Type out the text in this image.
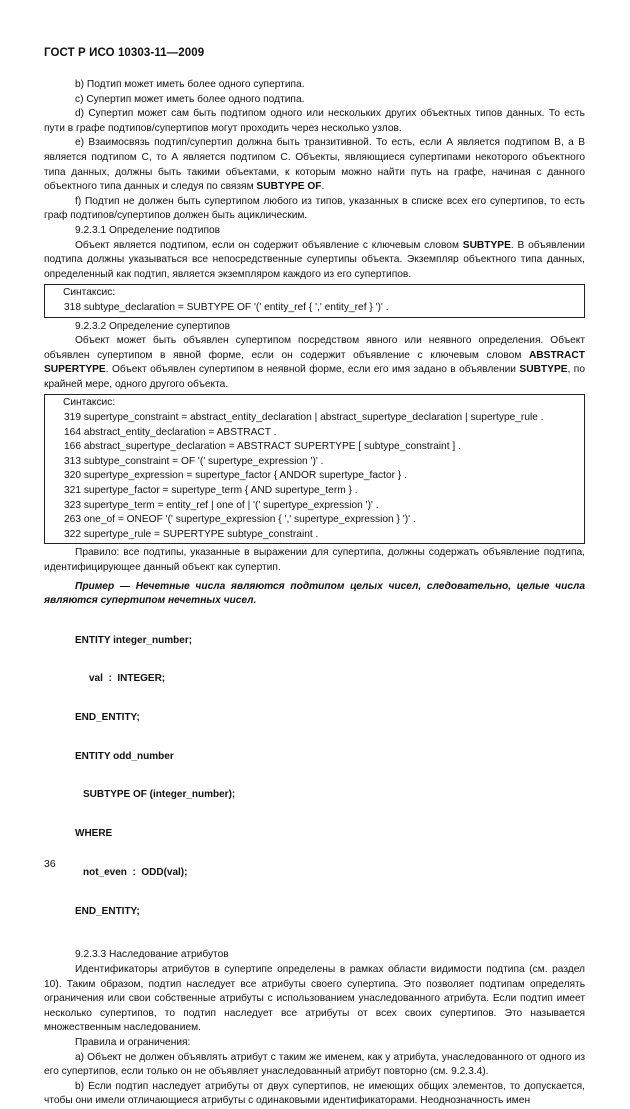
ГОСТ Р ИСО 10303-11—2009

b) Подтип может иметь более одного супертипа.

с) Супертип может иметь более одного подтипа.

d) Супертип может сам быть подтипом одного или нескольких других объектных типов данных. То есть пути в графе подтипов/супертипов могут проходить через несколько узлов.

е) Взаимосвязь подтип/супертип должна быть транзитивной. То есть, если А является подтипом В, а В является подтипом С, то А является подтипом С. Объекты, являющиеся супертипами некоторого объектного типа данных, должны быть такими объектами, к которым можно найти путь на графе, начиная с данного объектного типа данных и следуя по связям SUBTYPE OF.

f) Подтип не должен быть супертипом любого из типов, указанных в списке всех его супертипов, то есть граф подтипов/супертипов должен быть ациклическим.

9.2.3.1 Определение подтипов

Объект является подтипом, если он содержит объявление с ключевым словом SUBTYPE. В объявлении подтипа должны указываться все непосредственные супертипы объекта. Экземпляр объектного типа данных, определенный как подтип, является экземпляром каждого из его супертипов.

Синтаксис:
318 subtype_declaration = SUBTYPE OF '(' entity_ref { ',' entity_ref } ')' .

9.2.3.2 Определение супертипов

Объект может быть объявлен супертипом посредством явного или неявного определения. Объект объявлен супертипом в явной форме, если он содержит объявление с ключевым словом ABSTRACT SUPERTYPE. Объект объявлен супертипом в неявной форме, если его имя задано в объявлении SUBTYPE, по крайней мере, одного другого объекта.

Синтаксис:
319 supertype_constraint = abstract_entity_declaration | abstract_supertype_declaration | supertype_rule .
164 abstract_entity_declaration = ABSTRACT .
166 abstract_supertype_declaration = ABSTRACT SUPERTYPE [ subtype_constraint ] .
313 subtype_constraint = OF '(' supertype_expression ')' .
320 supertype_expression = supertype_factor { ANDOR supertype_factor } .
321 supertype_factor = supertype_term { AND supertype_term } .
323 supertype_term = entity_ref | one of | '(' supertype_expression ')' .
263 one_of = ONEOF '(' supertype_expression { ',' supertype_expression } ')' .
322 supertype_rule = SUPERTYPE subtype_constraint .

Правило: все подтипы, указанные в выражении для супертипа, должны содержать объявление подтипа, идентифицирующее данный объект как супертип.

Пример — Нечетные числа являются подтипом целых чисел, следовательно, целые числа являются супертипом нечетных чисел.

ENTITY integer_number;

val  :  INTEGER;

END_ENTITY;

ENTITY odd_number

SUBTYPE OF (integer_number);

WHERE

not_even  :  ODD(val);

END_ENTITY;

9.2.3.3 Наследование атрибутов

Идентификаторы атрибутов в супертипе определены в рамках области видимости подтипа (см. раздел 10). Таким образом, подтип наследует все атрибуты своего супертипа. Это позволяет подтипам определять ограничения или свои собственные атрибуты с использованием унаследованного атрибута. Если подтип имеет несколько супертипов, то подтип наследует все атрибуты от всех своих супертипов. Это называется множественным наследованием.

Правила и ограничения:

а) Объект не должен объявлять атрибут с таким же именем, как у атрибута, унаследованного от одного из его супертипов, если только он не объявляет унаследованный атрибут повторно (см. 9.2.3.4).

b) Если подтип наследует атрибуты от двух супертипов, не имеющих общих элементов, то допускается, чтобы они имели отличающиеся атрибуты с одинаковыми идентификаторами. Неоднозначность имен

36
